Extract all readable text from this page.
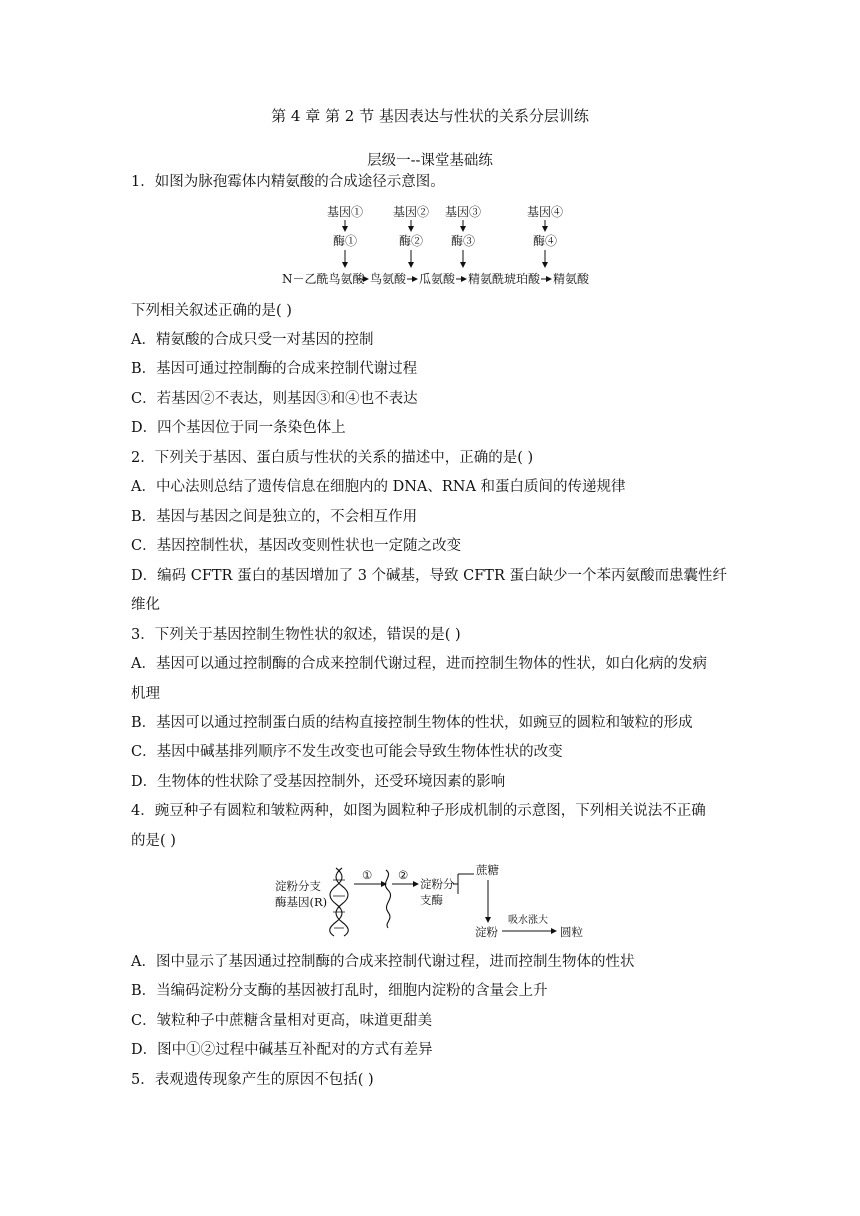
第 4 章 第 2 节 基因表达与性状的关系分层训练
层级一--课堂基础练
1．如图为脉孢霉体内精氨酸的合成途径示意图。
基因① 基因② 基因③	基因④
酶①	酶② 酶③	酶④
N－乙酰鸟氨酸 鸟氨酸 瓜氨酸 精氨酰琥珀酸 精氨酸
下列相关叙述正确的是( )
A．精氨酸的合成只受一对基因的控制
B．基因可通过控制酶的合成来控制代谢过程
C．若基因②不表达，则基因③和④也不表达
D．四个基因位于同一条染色体上
2．下列关于基因、蛋白质与性状的关系的描述中，正确的是( )
A．中心法则总结了遗传信息在细胞内的 DNA、RNA 和蛋白质间的传递规律
B．基因与基因之间是独立的，不会相互作用
C．基因控制性状，基因改变则性状也一定随之改变
D．编码 CFTR 蛋白的基因增加了 3 个碱基，导致 CFTR 蛋白缺少一个苯丙氨酸而患囊性纤
维化
3．下列关于基因控制生物性状的叙述，错误的是( )
A．基因可以通过控制酶的合成来控制代谢过程，进而控制生物体的性状，如白化病的发病
机理
B．基因可以通过控制蛋白质的结构直接控制生物体的性状，如豌豆的圆粒和皱粒的形成
C．基因中碱基排列顺序不发生改变也可能会导致生物体性状的改变
D．生物体的性状除了受基因控制外，还受环境因素的影响
4．豌豆种子有圆粒和皱粒两种，如图为圆粒种子形成机制的示意图，下列相关说法不正确
的是( )
淀粉分支
酶基因(R)
① ②
淀粉分
支酶
蔗糖
淀粉
吸水涨大
圆粒
A．图中显示了基因通过控制酶的合成来控制代谢过程，进而控制生物体的性状
B．当编码淀粉分支酶的基因被打乱时，细胞内淀粉的含量会上升
C．皱粒种子中蔗糖含量相对更高，味道更甜美
D．图中①②过程中碱基互补配对的方式有差异
5．表观遗传现象产生的原因不包括( )
